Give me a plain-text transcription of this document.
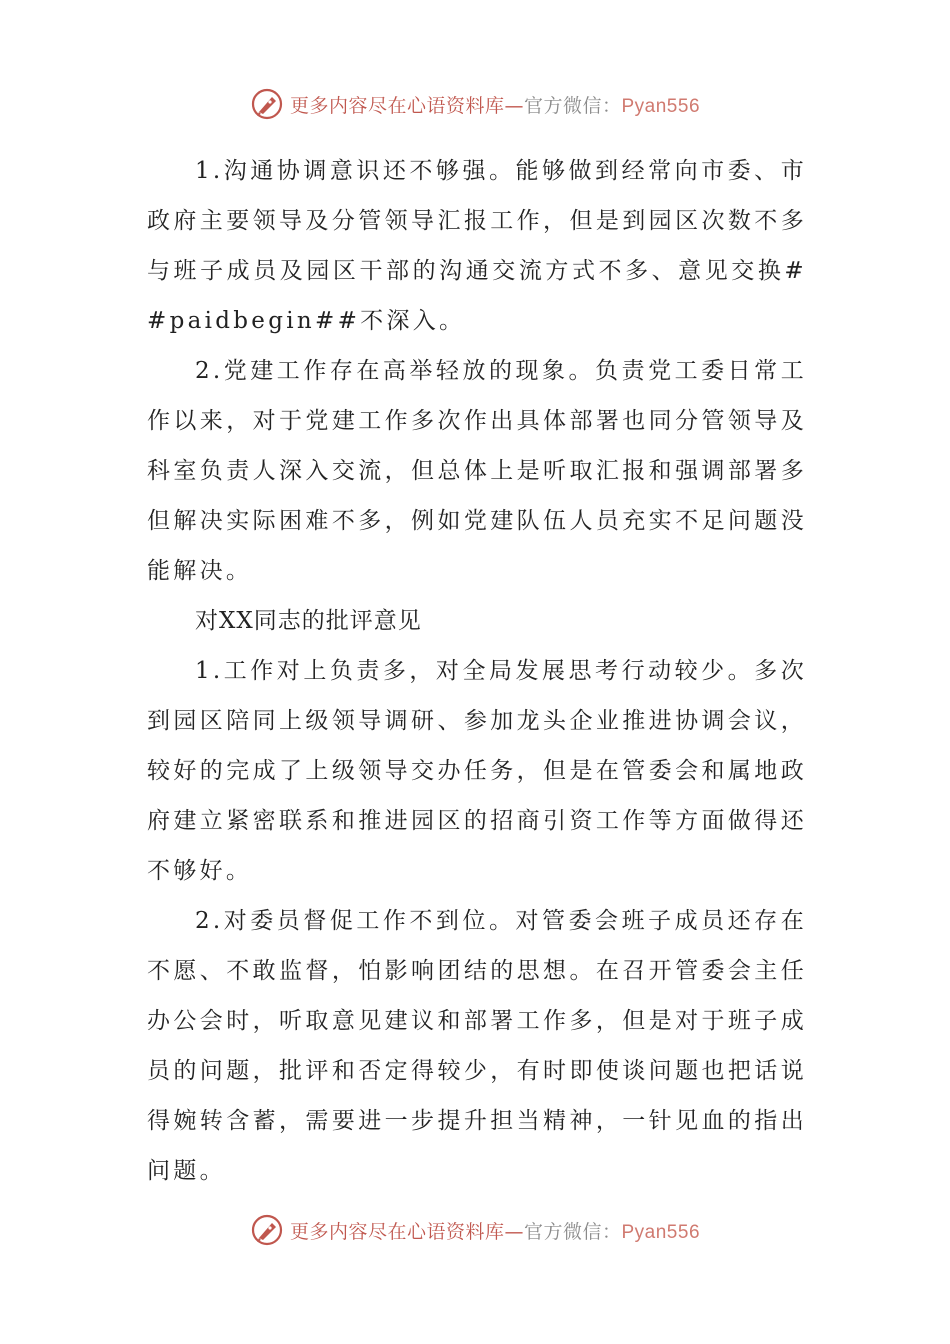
更多内容尽在心语资料库—官方微信：Pyan556

1.沟通协调意识还不够强。能够做到经常向市委、市政府主要领导及分管领导汇报工作，但是到园区次数不多与班子成员及园区干部的沟通交流方式不多、意见交换##paidbegin##不深入。

2.党建工作存在高举轻放的现象。负责党工委日常工作以来，对于党建工作多次作出具体部署也同分管领导及科室负责人深入交流，但总体上是听取汇报和强调部署多但解决实际困难不多，例如党建队伍人员充实不足问题没能解决。

对XX同志的批评意见

1.工作对上负责多，对全局发展思考行动较少。多次到园区陪同上级领导调研、参加龙头企业推进协调会议，较好的完成了上级领导交办任务，但是在管委会和属地政府建立紧密联系和推进园区的招商引资工作等方面做得还不够好。

2.对委员督促工作不到位。对管委会班子成员还存在不愿、不敢监督，怕影响团结的思想。在召开管委会主任办公会时，听取意见建议和部署工作多，但是对于班子成员的问题，批评和否定得较少，有时即使谈问题也把话说得婉转含蓄，需要进一步提升担当精神，一针见血的指出问题。

更多内容尽在心语资料库—官方微信：Pyan556
